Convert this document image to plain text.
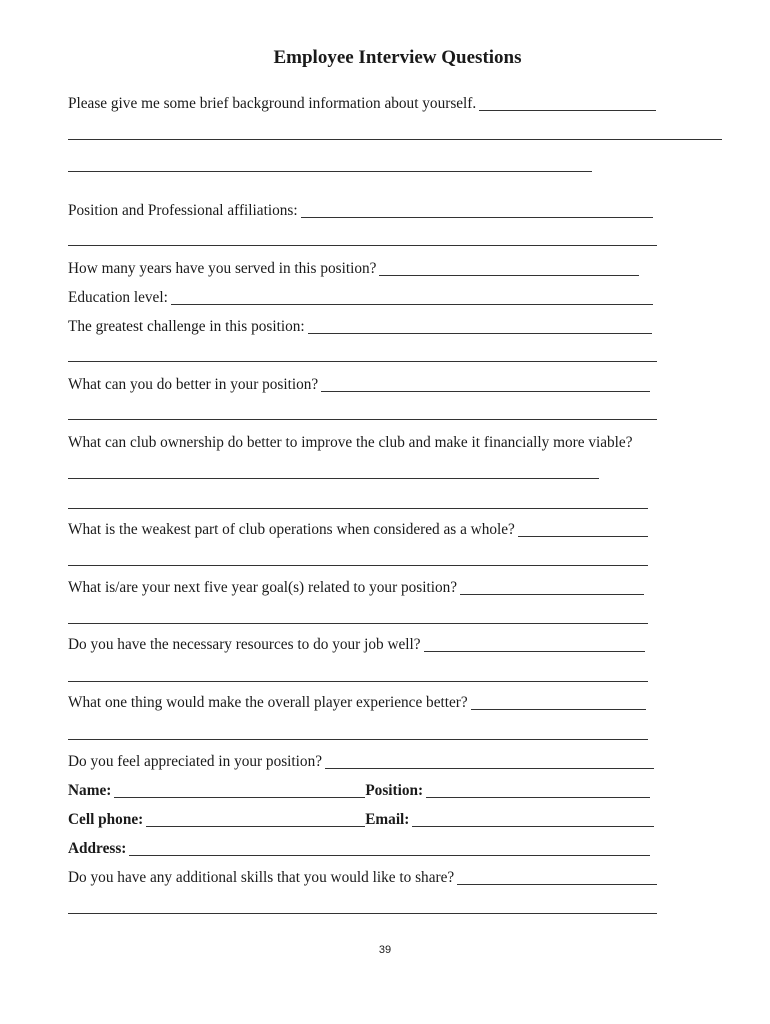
Employee Interview Questions
Please give me some brief background information about yourself.
Position and Professional affiliations:
How many years have you served in this position?
Education level:
The greatest challenge in this position:
What can you do better in your position?
What can club ownership do better to improve the club and make it financially more viable?
What is the weakest part of club operations when considered as a whole?
What is/are your next five year goal(s) related to your position?
Do you have the necessary resources to do your job well?
What one thing would make the overall player experience better?
Do you feel appreciated in your position?
Name:	Position:
Cell phone:	Email:
Address:
Do you have any additional skills that you would like to share?
39
